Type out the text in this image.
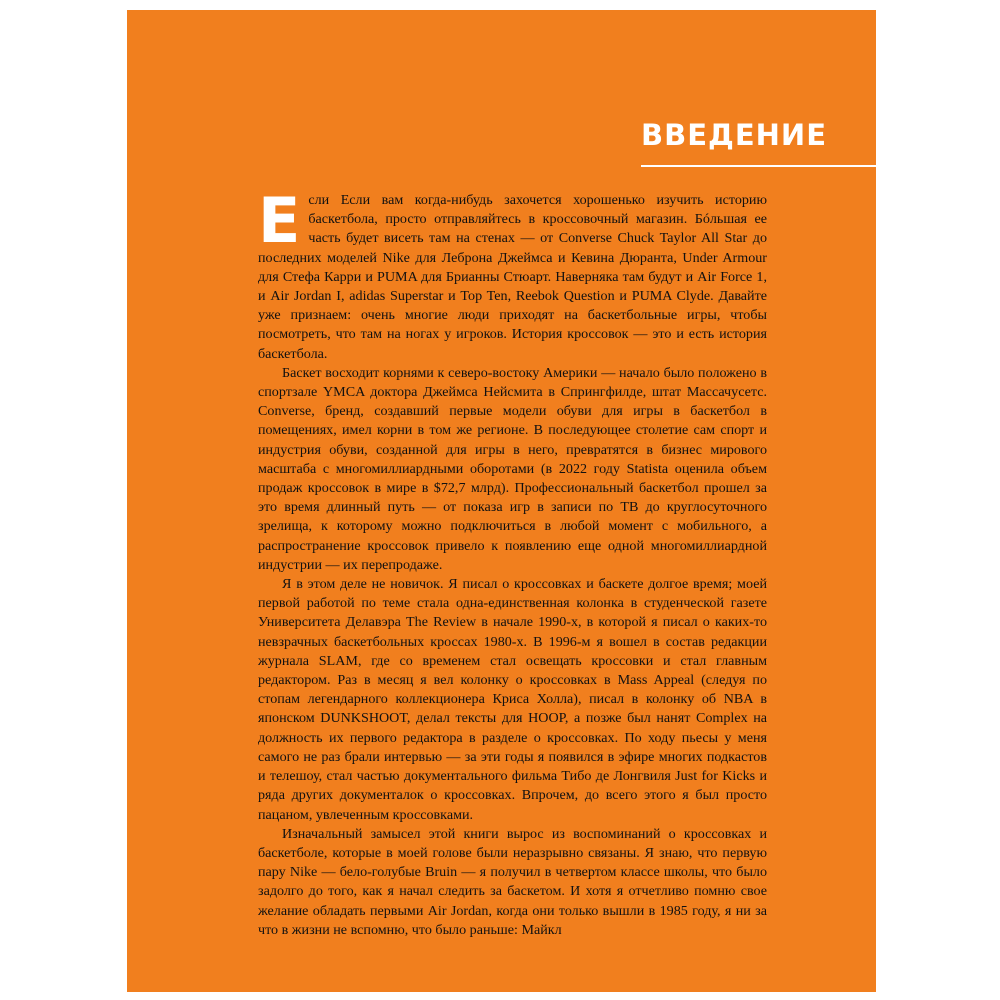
ВВЕДЕНИЕ

Если Если вам когда-нибудь захочется хорошенько изучить историю баскетбола, просто отправляйтесь в кроссовочный магазин. Бóльшая ее часть будет висеть там на стенах — от Converse Chuck Taylor All Star до последних моделей Nike для Леброна Джеймса и Кевина Дюранта, Under Armour для Стефа Карри и PUMA для Брианны Стюарт. Наверняка там будут и Air Force 1, и Air Jordan I, adidas Superstar и Top Ten, Reebok Question и PUMA Clyde. Давайте уже признаем: очень многие люди приходят на баскетбольные игры, чтобы посмотреть, что там на ногах у игроков. История кроссовок — это и есть история баскетбола.

Баскет восходит корнями к северо-востоку Америки — начало было положено в спортзале YMCA доктора Джеймса Нейсмита в Спрингфилде, штат Массачусетс. Converse, бренд, создавший первые модели обуви для игры в баскетбол в помещениях, имел корни в том же регионе. В последующее столетие сам спорт и индустрия обуви, созданной для игры в него, превратятся в бизнес мирового масштаба с многомиллиардными оборотами (в 2022 году Statista оценила объем продаж кроссовок в мире в $72,7 млрд). Профессиональный баскетбол прошел за это время длинный путь — от показа игр в записи по ТВ до круглосуточного зрелища, к которому можно подключиться в любой момент с мобильного, а распространение кроссовок привело к появлению еще одной многомиллиардной индустрии — их перепродаже.

Я в этом деле не новичок. Я писал о кроссовках и баскете долгое время; моей первой работой по теме стала одна-единственная колонка в студенческой газете Университета Делавэра The Review в начале 1990-х, в которой я писал о каких-то невзрачных баскетбольных кроссах 1980-х. В 1996-м я вошел в состав редакции журнала SLAM, где со временем стал освещать кроссовки и стал главным редактором. Раз в месяц я вел колонку о кроссовках в Mass Appeal (следуя по стопам легендарного коллекционера Криса Холла), писал в колонку об NBA в японском DUNKSHOOT, делал тексты для HOOP, а позже был нанят Complex на должность их первого редактора в разделе о кроссовках. По ходу пьесы у меня самого не раз брали интервью — за эти годы я появился в эфире многих подкастов и телешоу, стал частью документального фильма Тибо де Лонгвиля Just for Kicks и ряда других документалок о кроссовках. Впрочем, до всего этого я был просто пацаном, увлеченным кроссовками.

Изначальный замысел этой книги вырос из воспоминаний о кроссовках и баскетболе, которые в моей голове были неразрывно связаны. Я знаю, что первую пару Nike — бело-голубые Bruin — я получил в четвертом классе школы, что было задолго до того, как я начал следить за баскетом. И хотя я отчетливо помню свое желание обладать первыми Air Jordan, когда они только вышли в 1985 году, я ни за что в жизни не вспомню, что было раньше: Майкл
